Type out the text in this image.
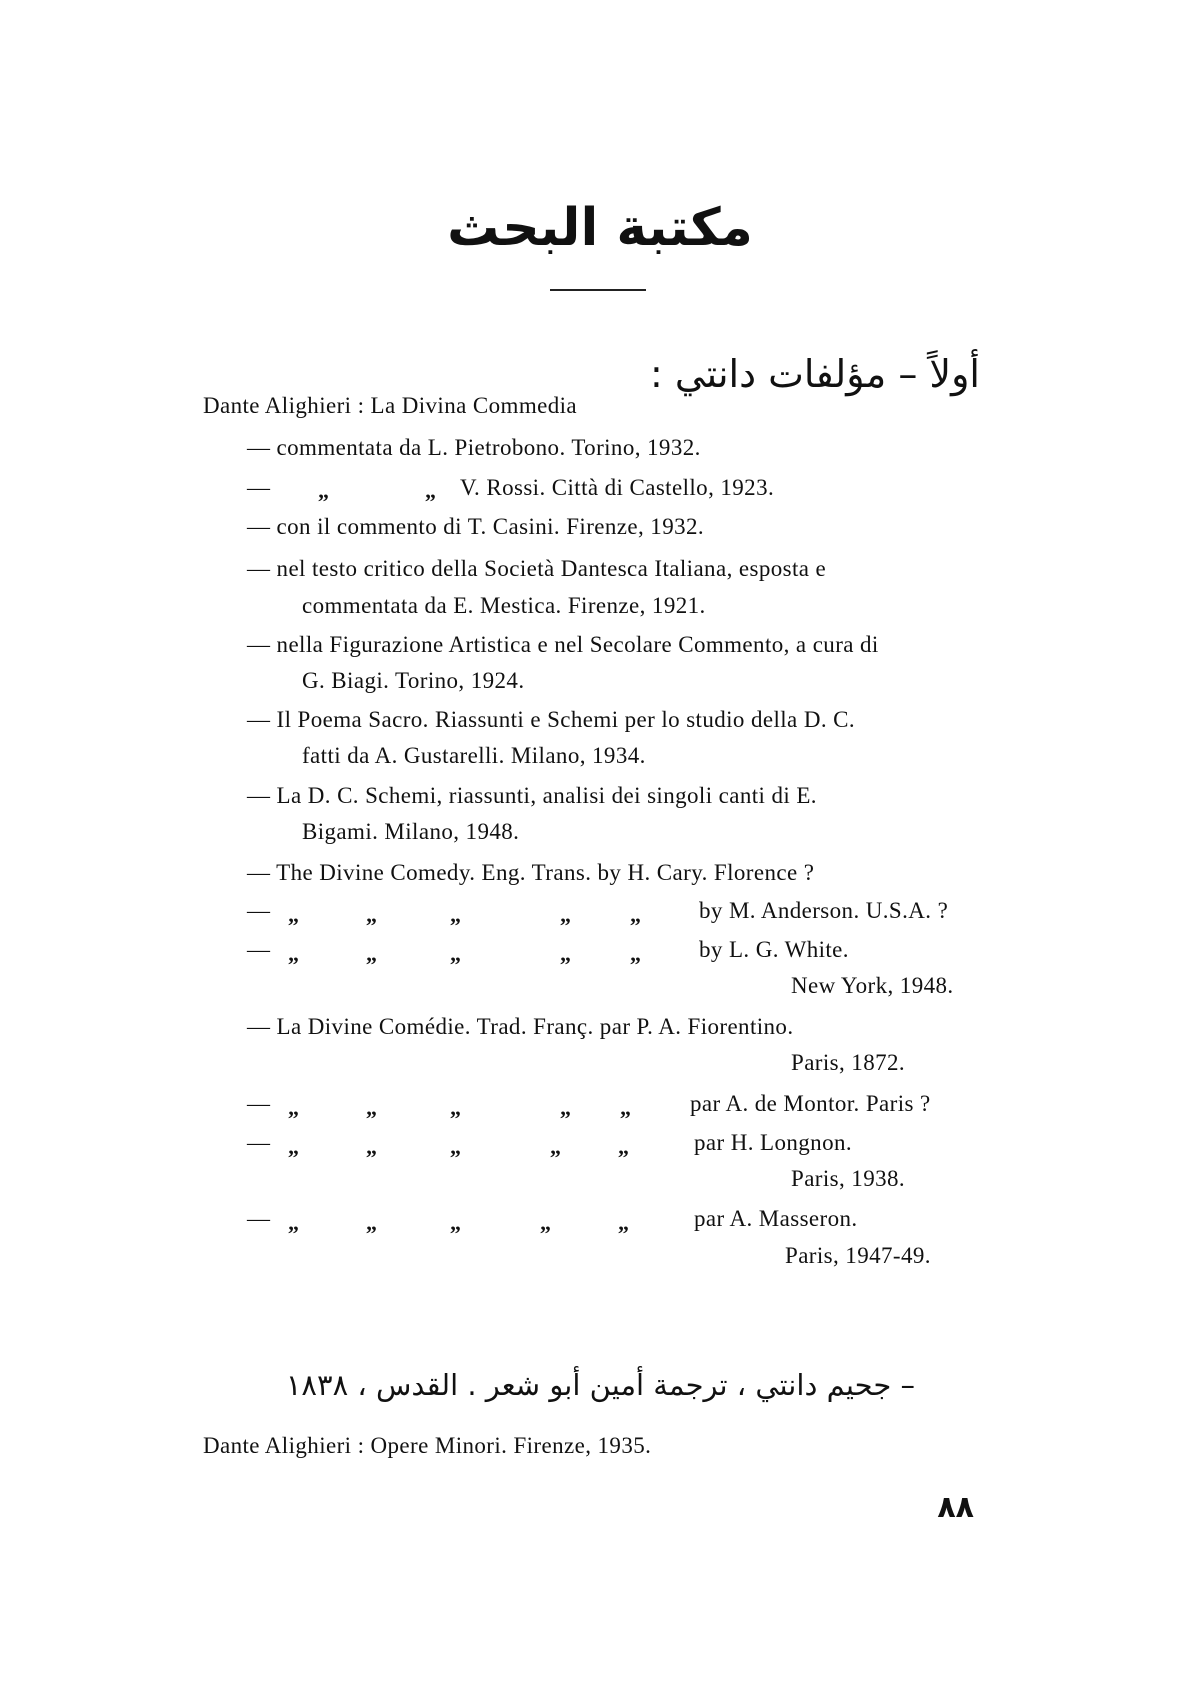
مكتبة البحث
أولاً – مؤلفات دانتي :
Dante Alighieri : La Divina Commedia
— commentata da L. Pietrobono. Torino, 1932.
— „	„ V. Rossi. Città di Castello, 1923.
— con il commento di T. Casini. Firenze, 1932.
— nel testo critico della Società Dantesca Italiana, esposta e
commentata da E. Mestica. Firenze, 1921.
— nella Figurazione Artistica e nel Secolare Commento, a cura di
G. Biagi. Torino, 1924.
— Il Poema Sacro. Riassunti e Schemi per lo studio della D. C.
fatti da A. Gustarelli. Milano, 1934.
— La D. C. Schemi, riassunti, analisi dei singoli canti di E.
Bigami. Milano, 1948.
— The Divine Comedy. Eng. Trans. by H. Cary. Florence ?
— „	„	„	„	„	by M. Anderson. U.S.A. ?
— „	„	„	„	„	by L. G. White.
New York, 1948.
— La Divine Comédie. Trad. Franç. par P. A. Fiorentino.
Paris, 1872.
— „	„	„	„ „	par A. de Montor. Paris ?
— „	„	„	„	„	par H. Longnon.
Paris, 1938.
— „	„	„	„	„	par A. Masseron.
Paris, 1947-49.
– جحيم دانتي ، ترجمة أمين أبو شعر . القدس ، ١٨٣٨
Dante Alighieri : Opere Minori. Firenze, 1935.
٨٨
